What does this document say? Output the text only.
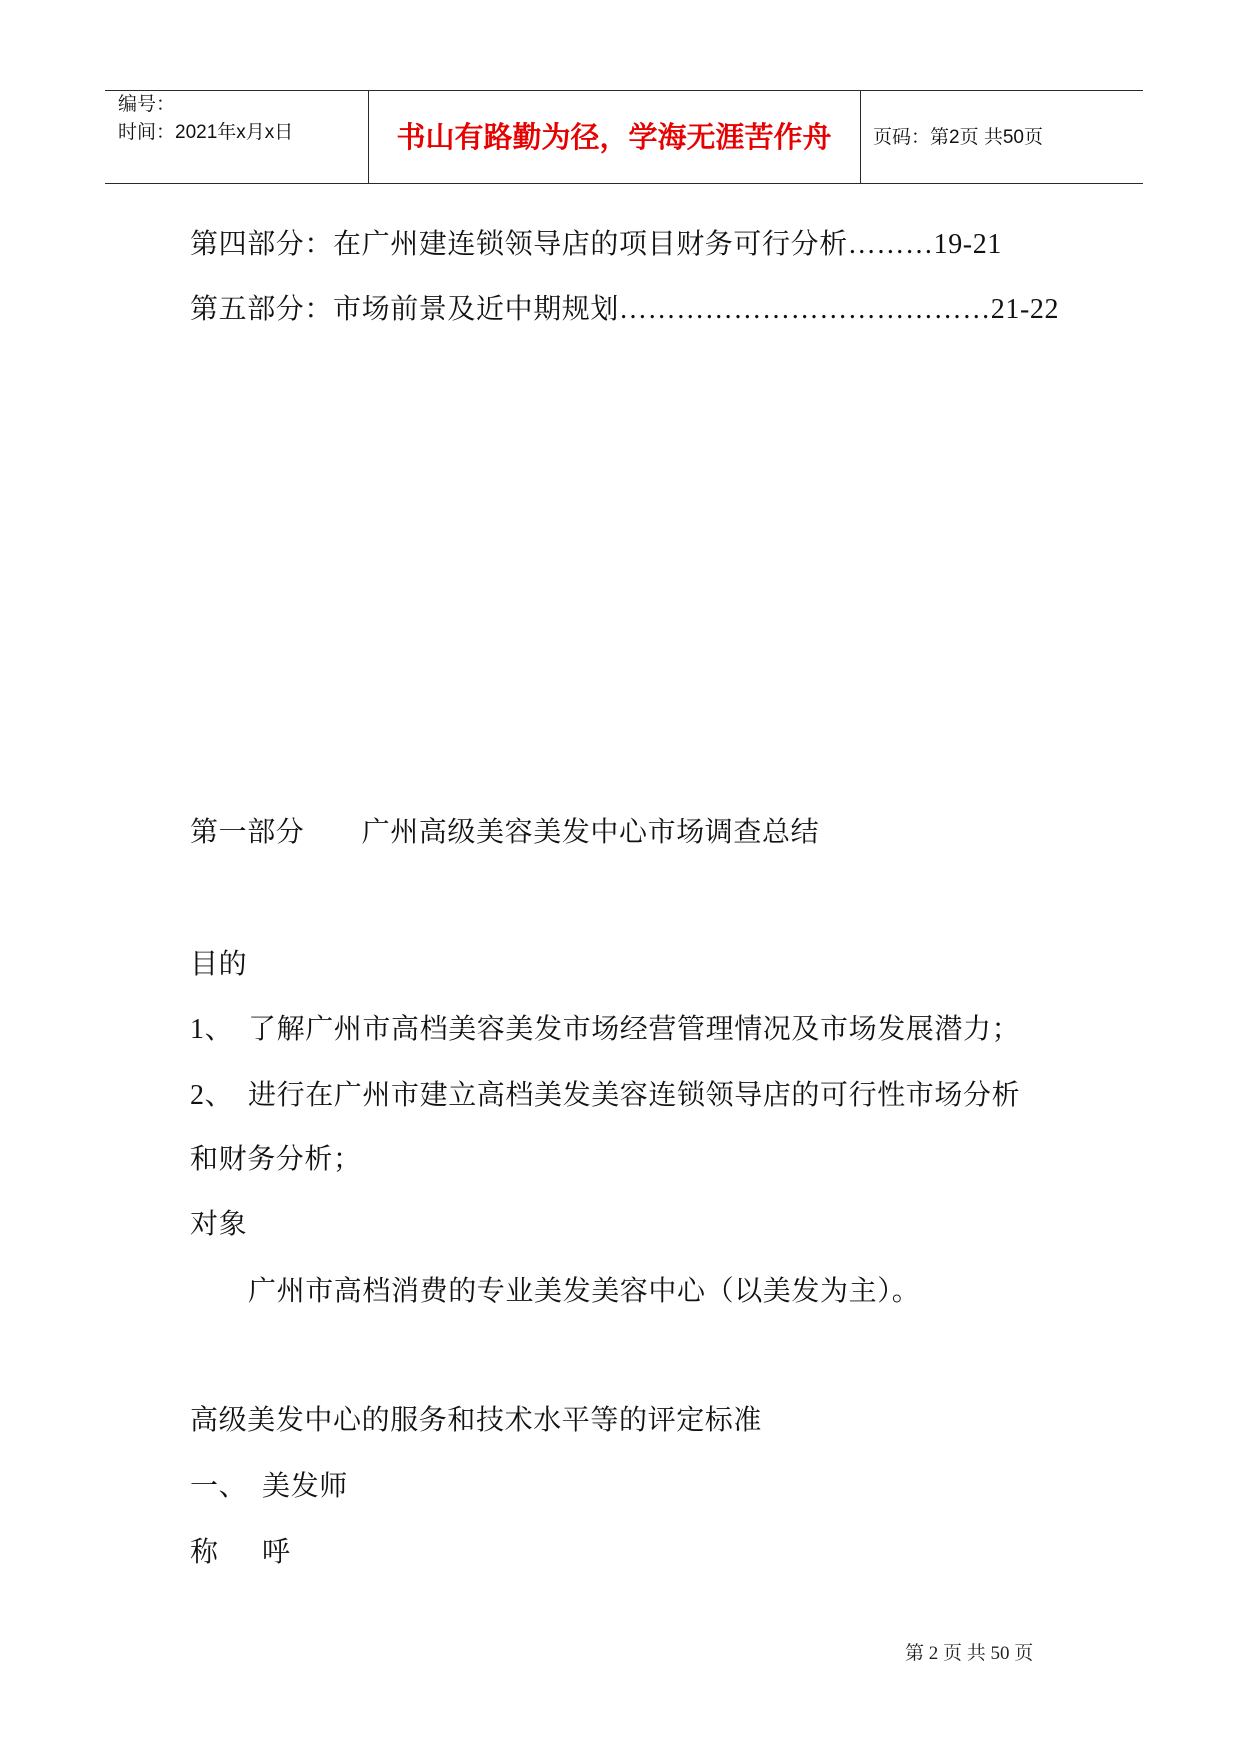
编号：
时间：2021年x月x日	书山有路勤为径，学海无涯苦作舟	页码：第2页 共50页
第四部分：在广州建连锁领导店的项目财务可行分析………19-21
第五部分：市场前景及近中期规划…………………………………21-22
第一部分　　广州高级美容美发中心市场调查总结
目的
1、 了解广州市高档美容美发市场经营管理情况及市场发展潜力；
2、 进行在广州市建立高档美发美容连锁领导店的可行性市场分析
和财务分析；
对象
广州市高档消费的专业美发美容中心（以美发为主）。
高级美发中心的服务和技术水平等的评定标准
一、 美发师
称　　呼
第 2 页 共 50 页
